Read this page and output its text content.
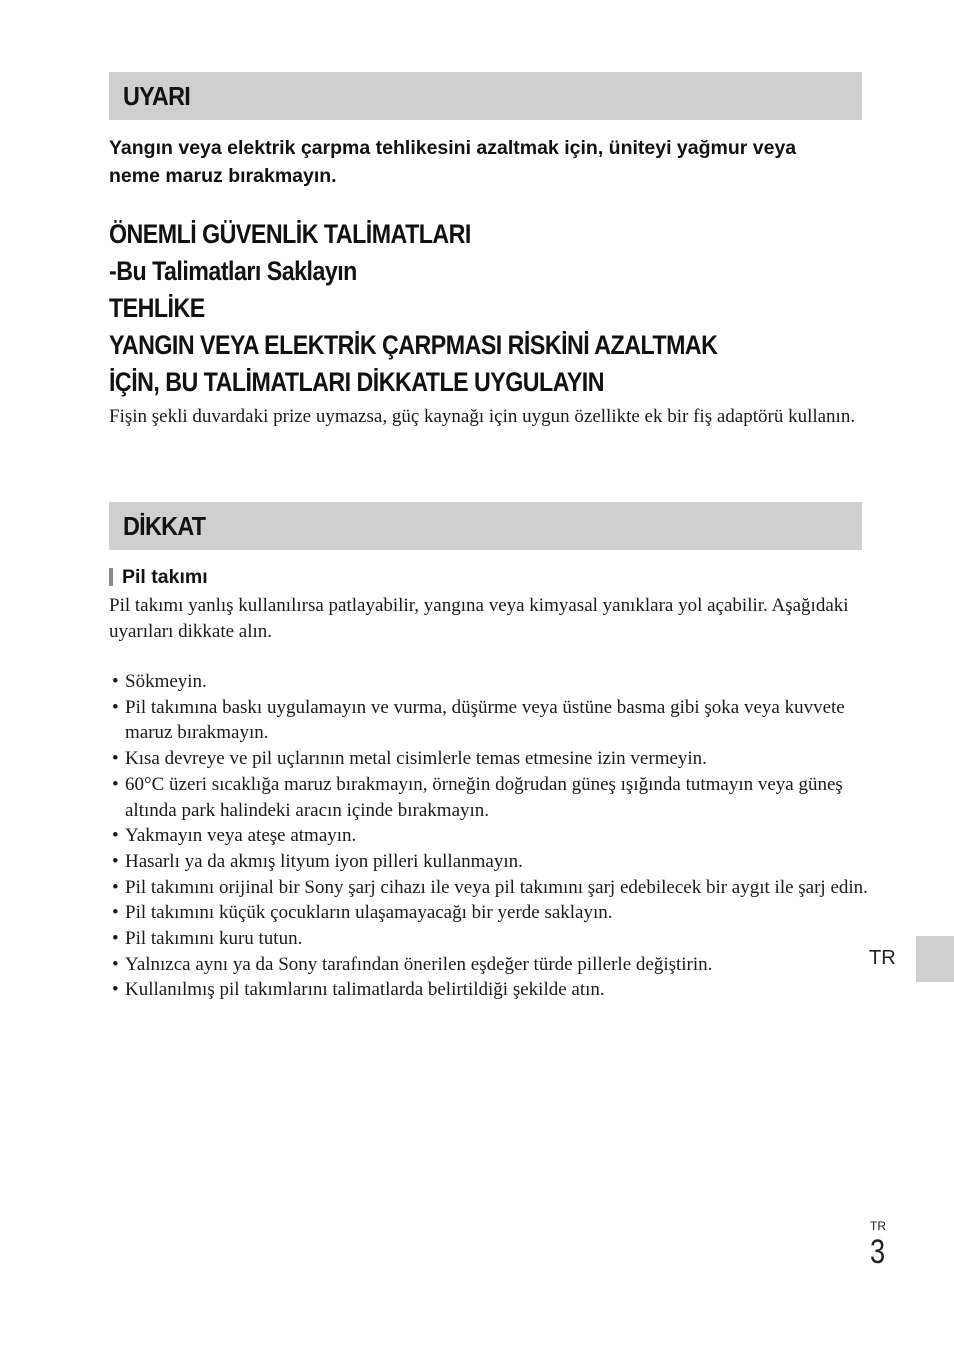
UYARI
Yangın veya elektrik çarpma tehlikesini azaltmak için, üniteyi yağmur veya neme maruz bırakmayın.
ÖNEMLİ GÜVENLİK TALİMATLARI
-Bu Talimatları Saklayın
TEHLİKE
YANGIN VEYA ELEKTRİK ÇARPMASI RİSKİNİ AZALTMAK
İÇİN, BU TALİMATLARI DİKKATLE UYGULAYIN
Fişin şekli duvardaki prize uymazsa, güç kaynağı için uygun özellikte ek bir fiş adaptörü kullanın.
DİKKAT
Pil takımı
Pil takımı yanlış kullanılırsa patlayabilir, yangına veya kimyasal yanıklara yol açabilir. Aşağıdaki uyarıları dikkate alın.
• Sökmeyin.
• Pil takımına baskı uygulamayın ve vurma, düşürme veya üstüne basma gibi şoka veya kuvvete maruz bırakmayın.
• Kısa devreye ve pil uçlarının metal cisimlerle temas etmesine izin vermeyin.
• 60°C üzeri sıcaklığa maruz bırakmayın, örneğin doğrudan güneş ışığında tutmayın veya güneş altında park halindeki aracın içinde bırakmayın.
• Yakmayın veya ateşe atmayın.
• Hasarlı ya da akmış lityum iyon pilleri kullanmayın.
• Pil takımını orijinal bir Sony şarj cihazı ile veya pil takımını şarj edebilecek bir aygıt ile şarj edin.
• Pil takımını küçük çocukların ulaşamayacağı bir yerde saklayın.
• Pil takımını kuru tutun.
• Yalnızca aynı ya da Sony tarafından önerilen eşdeğer türde pillerle değiştirin.
• Kullanılmış pil takımlarını talimatlarda belirtildiği şekilde atın.
TR
TR
3
